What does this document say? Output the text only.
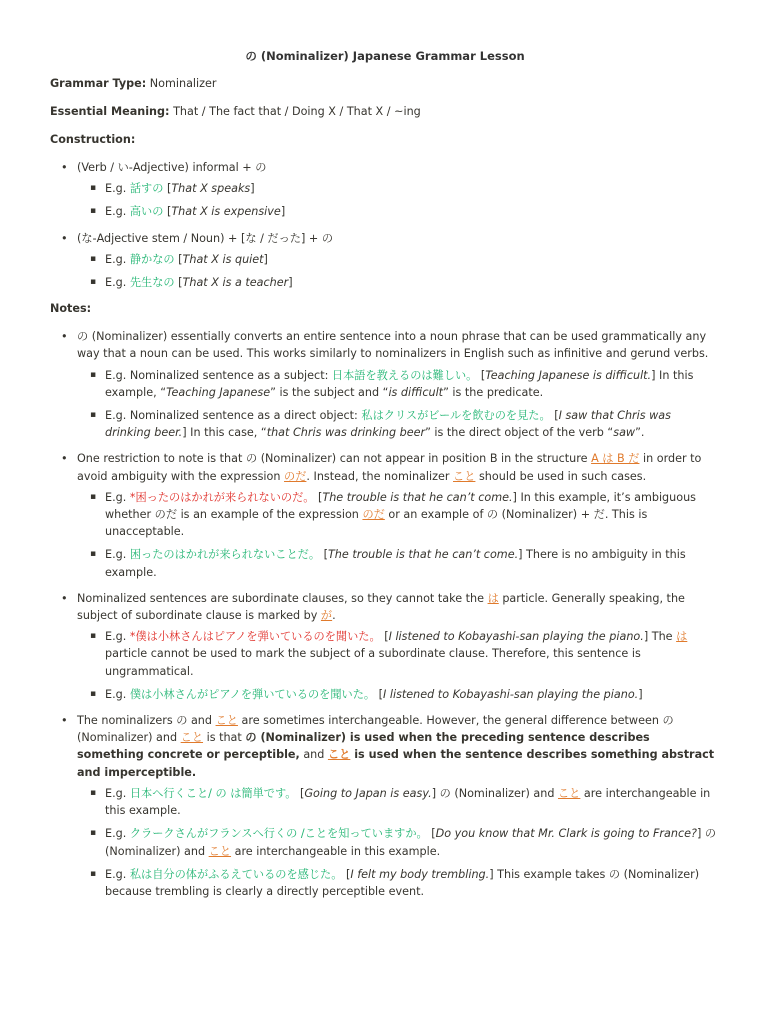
の (Nominalizer) Japanese Grammar Lesson
Grammar Type: Nominalizer
Essential Meaning: That / The fact that / Doing X / That X / ~ing
Construction:
• (Verb / い-Adjective) informal + の
▪ E.g. 話すの [That X speaks]
▪ E.g. 高いの [That X is expensive]
• (な-Adjective stem / Noun) + [な / だった] + の
▪ E.g. 静かなの [That X is quiet]
▪ E.g. 先生なの [That X is a teacher]
Notes:
• の (Nominalizer) essentially converts an entire sentence into a noun phrase that can be used grammatically any way that a noun can be used. This works similarly to nominalizers in English such as infinitive and gerund verbs.
▪ E.g. Nominalized sentence as a subject: 日本語を教えるのは難しい。 [Teaching Japanese is difficult.] In this example, “Teaching Japanese” is the subject and “is difficult” is the predicate.
▪ E.g. Nominalized sentence as a direct object: 私はクリスがビールを飲むのを見た。 [I saw that Chris was drinking beer.] In this case, “that Chris was drinking beer” is the direct object of the verb “saw”.
• One restriction to note is that の (Nominalizer) can not appear in position B in the structure A は B だ in order to avoid ambiguity with the expression のだ. Instead, the nominalizer こと should be used in such cases.
▪ E.g. *困ったのはかれが来られないのだ。 [The trouble is that he can’t come.] In this example, it’s ambiguous whether のだ is an example of the expression のだ or an example of の (Nominalizer) + だ. This is unacceptable.
▪ E.g. 困ったのはかれが来られないことだ。 [The trouble is that he can’t come.] There is no ambiguity in this example.
• Nominalized sentences are subordinate clauses, so they cannot take the は particle. Generally speaking, the subject of subordinate clause is marked by が.
▪ E.g. *僕は小林さんはピアノを弾いているのを聞いた。 [I listened to Kobayashi-san playing the piano.] The は particle cannot be used to mark the subject of a subordinate clause. Therefore, this sentence is ungrammatical.
▪ E.g. 僕は小林さんがピアノを弾いているのを聞いた。 [I listened to Kobayashi-san playing the piano.]
• The nominalizers の and こと are sometimes interchangeable. However, the general difference between の (Nominalizer) and こと is that の (Nominalizer) is used when the preceding sentence describes something concrete or perceptible, and こと is used when the sentence describes something abstract and imperceptible.
▪ E.g. 日本へ行くこと/ の は簡単です。 [Going to Japan is easy.] の (Nominalizer) and こと are interchangeable in this example.
▪ E.g. クラークさんがフランスへ行くの /ことを知っていますか。 [Do you know that Mr. Clark is going to France?] の (Nominalizer) and こと are interchangeable in this example.
▪ E.g. 私は自分の体がふるえているのを感じた。 [I felt my body trembling.] This example takes の (Nominalizer) because trembling is clearly a directly perceptible event.
